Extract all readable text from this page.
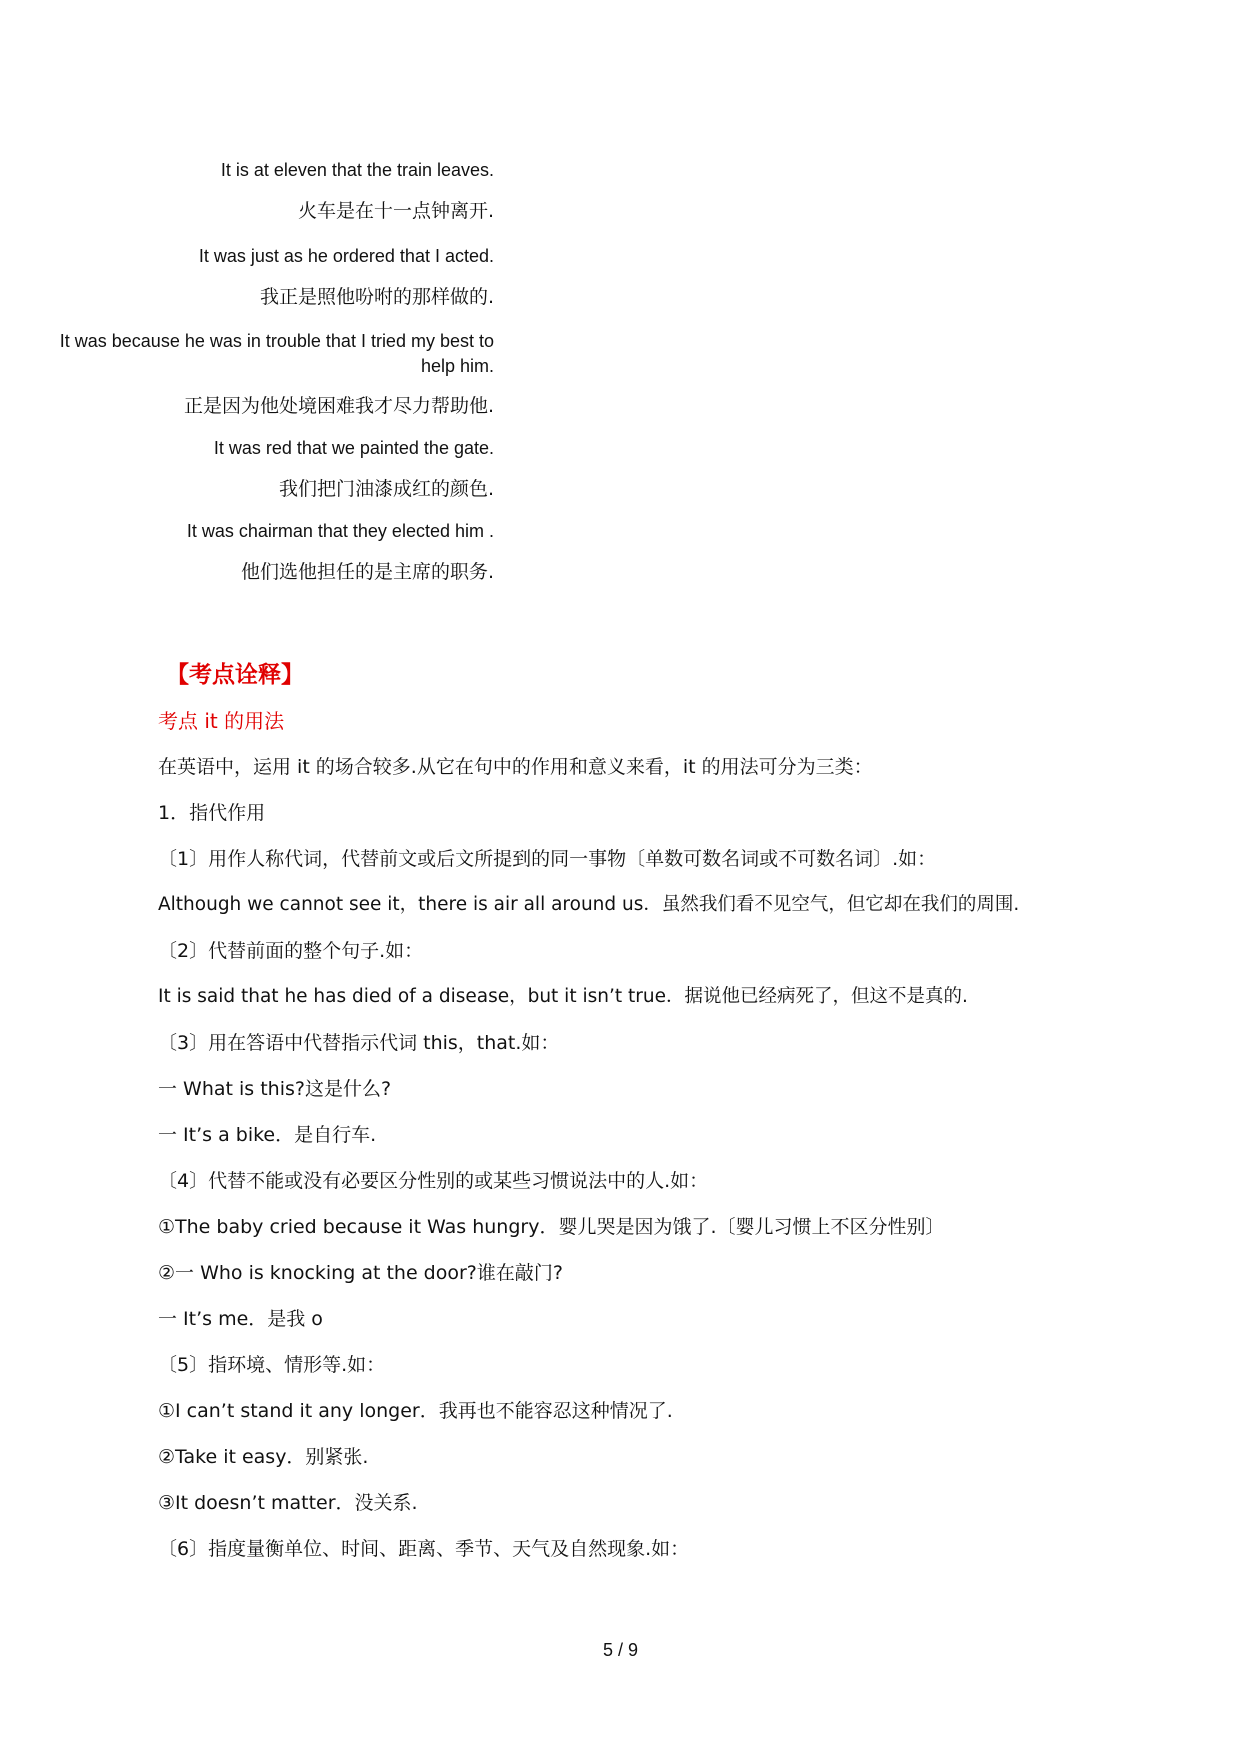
It is at eleven that the train leaves.

火车是在十一点钟离开.

It was just as he ordered that I acted.

我正是照他吩咐的那样做的.

It was because he was in trouble that I tried my best to

help him.

正是因为他处境困难我才尽力帮助他.

It was red that we painted the gate.

我们把门油漆成红的颜色.

It was chairman that they elected him .

他们选他担任的是主席的职务.

【考点诠释】

考点 it 的用法

在英语中，运用 it 的场合较多.从它在句中的作用和意义来看，it 的用法可分为三类：

1．指代作用

〔1〕用作人称代词，代替前文或后文所提到的同一事物〔单数可数名词或不可数名词〕.如：

Although we cannot see it，there is air all around us．虽然我们看不见空气，但它却在我们的周围.

〔2〕代替前面的整个句子.如：

It is said that he has died of a disease，but it isn’t true．据说他已经病死了，但这不是真的.

〔3〕用在答语中代替指示代词 this，that.如：

一 What is this?这是什么?

一 It’s a bike．是自行车.

〔4〕代替不能或没有必要区分性别的或某些习惯说法中的人.如：

①The baby cried because it Was hungry．婴儿哭是因为饿了.〔婴儿习惯上不区分性别〕

②一 Who is knocking at the door?谁在敲门?

一 It’s me．是我 o

〔5〕指环境、情形等.如：

①I can’t stand it any longer．我再也不能容忍这种情况了.

②Take it easy．别紧张.

③It doesn’t matter．没关系.

〔6〕指度量衡单位、时间、距离、季节、天气及自然现象.如：

5 / 9
